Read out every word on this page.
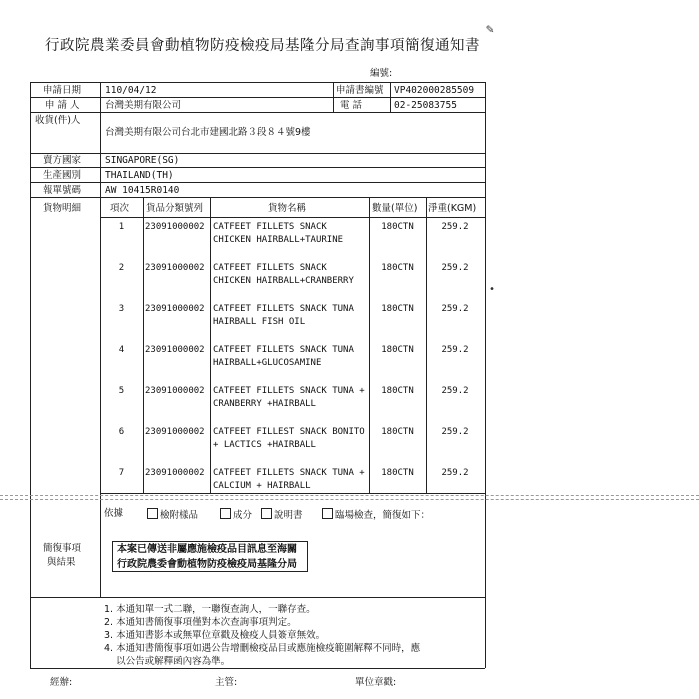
行政院農業委員會動植物防疫檢疫局基隆分局查詢事項簡復通知書
✎
編號:
申請日期	110/04/12	申請書編號 VP402000285509
申 請 人	台灣美期有限公司	電 話	02-25083755
收貨(件)人
台灣美期有限公司台北市建國北路３段８４號9樓
賣方國家	SINGAPORE(SG)
生產國別	THAILAND(TH)
報單號碼	AW 10415R0140
貨物明細	項次 貨品分類號列	貨物名稱	數量(單位) 淨重(KGM)
1	23091000002 CATFEET FILLETS SNACK
CHICKEN HAIRBALL+TAURINE
180CTN	259.2
2	23091000002 CATFEET FILLETS SNACK
CHICKEN HAIRBALL+CRANBERRY
180CTN	259.2
3	23091000002 CATFEET FILLETS SNACK TUNA
HAIRBALL FISH OIL
180CTN	259.2
4	23091000002 CATFEET FILLETS SNACK TUNA
HAIRBALL+GLUCOSAMINE
180CTN	259.2
5	23091000002 CATFEET FILLETS SNACK TUNA +
CRANBERRY +HAIRBALL
180CTN	259.2
6	23091000002 CATFEET FILLEST SNACK BONITO
+ LACTICS +HAIRBALL
180CTN	259.2
7	23091000002 CATFEET FILLETS SNACK TUNA +
CALCIUM + HAIRBALL
180CTN	259.2
依據	檢附樣品	成分	說明書	臨場檢查，簡復如下：
簡復事項
與結果
本案已傳送非屬應施檢疫品目訊息至海關
行政院農委會動植物防疫檢疫局基隆分局
1. 本通知單一式二聯，一聯復查詢人，一聯存查。
2. 本通知書簡復事項僅對本次查詢事項判定。
3. 本通知書影本或無單位章戳及檢疫人員簽章無效。
4. 本通知書簡復事項如遇公告增刪檢疫品目或應施檢疫範圍解釋不同時，應
以公告或解釋函內容為準。
經辦:	主管:	單位章戳:
•
